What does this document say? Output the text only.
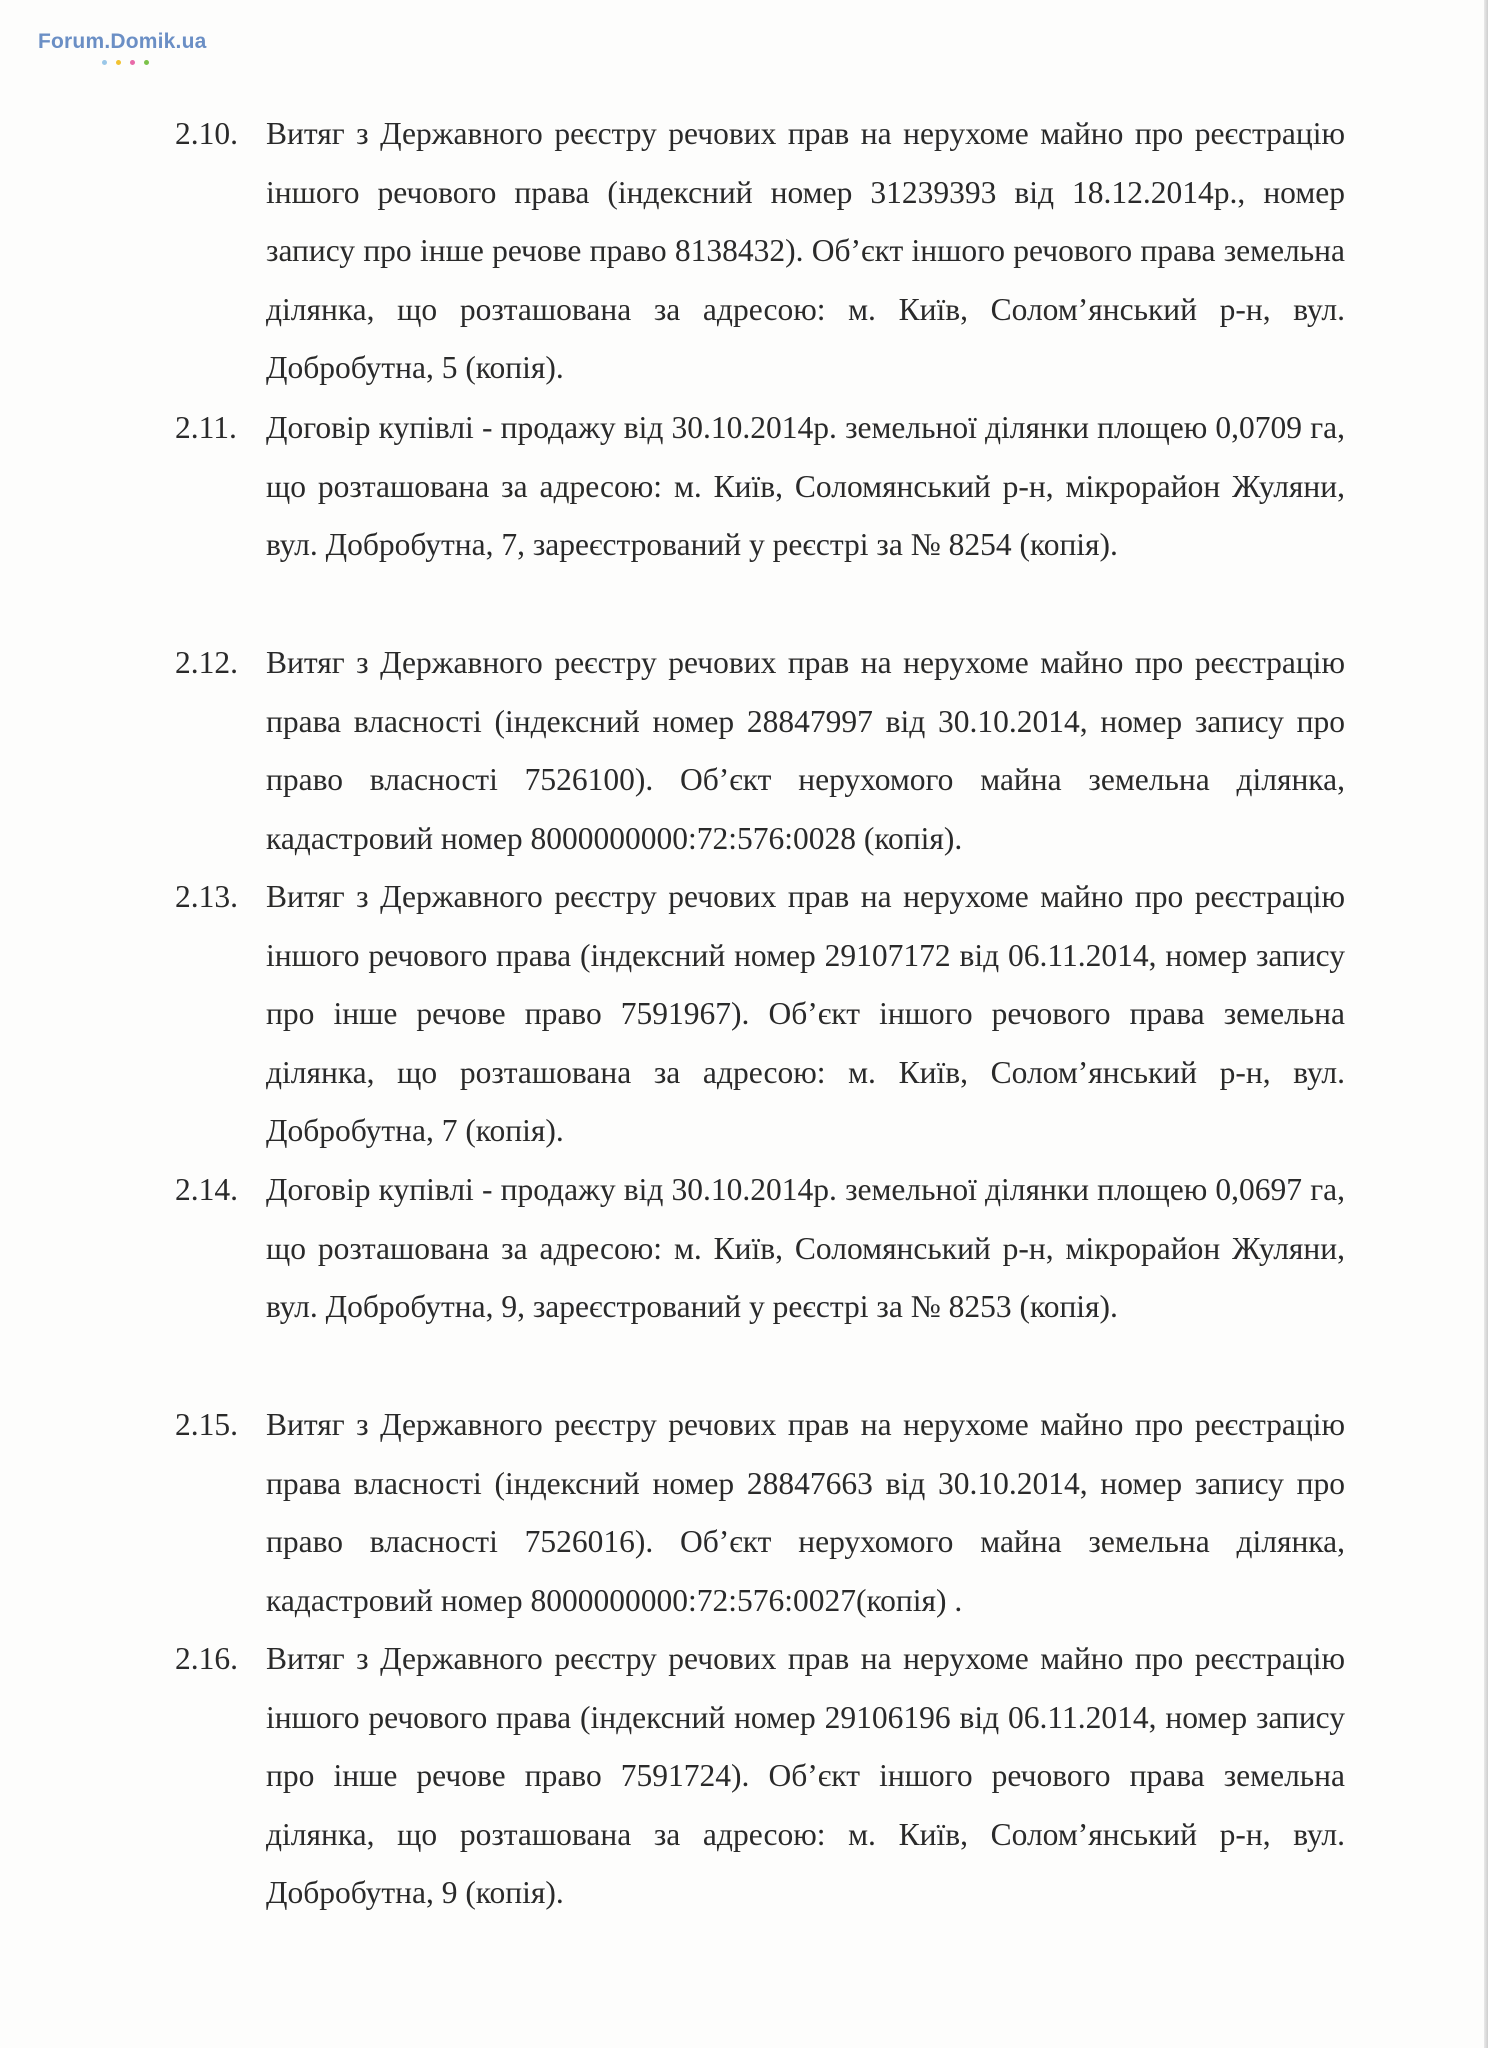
Forum.Domik.ua
2.10. Витяг з Державного реєстру речових прав на нерухоме майно про реєстрацію іншого речового права (індексний номер 31239393 від 18.12.2014р., номер запису про інше речове право 8138432). Об’єкт іншого речового права земельна ділянка, що розташована за адресою: м. Київ, Солом’янський р-н, вул. Добробутна, 5 (копія).
2.11. Договір купівлі - продажу від 30.10.2014р. земельної ділянки площею 0,0709 га, що розташована за адресою: м. Київ, Соломянський р-н, мікрорайон Жуляни, вул. Добробутна, 7, зареєстрований у реєстрі за № 8254 (копія).
2.12. Витяг з Державного реєстру речових прав на нерухоме майно про реєстрацію права власності (індексний номер 28847997 від 30.10.2014, номер запису про право власності 7526100). Об’єкт нерухомого майна земельна ділянка, кадастровий номер 8000000000:72:576:0028 (копія).
2.13. Витяг з Державного реєстру речових прав на нерухоме майно про реєстрацію іншого речового права (індексний номер 29107172 від 06.11.2014, номер запису про інше речове право 7591967). Об’єкт іншого речового права земельна ділянка, що розташована за адресою: м. Київ, Солом’янський р-н, вул. Добробутна, 7 (копія).
2.14. Договір купівлі - продажу від 30.10.2014р. земельної ділянки площею 0,0697 га, що розташована за адресою: м. Київ, Соломянський р-н, мікрорайон Жуляни, вул. Добробутна, 9, зареєстрований у реєстрі за № 8253 (копія).
2.15. Витяг з Державного реєстру речових прав на нерухоме майно про реєстрацію права власності (індексний номер 28847663 від 30.10.2014, номер запису про право власності 7526016). Об’єкт нерухомого майна земельна ділянка, кадастровий номер 8000000000:72:576:0027(копія) .
2.16. Витяг з Державного реєстру речових прав на нерухоме майно про реєстрацію іншого речового права (індексний номер 29106196 від 06.11.2014, номер запису про інше речове право 7591724). Об’єкт іншого речового права земельна ділянка, що розташована за адресою: м. Київ, Солом’янський р-н, вул. Добробутна, 9 (копія).
